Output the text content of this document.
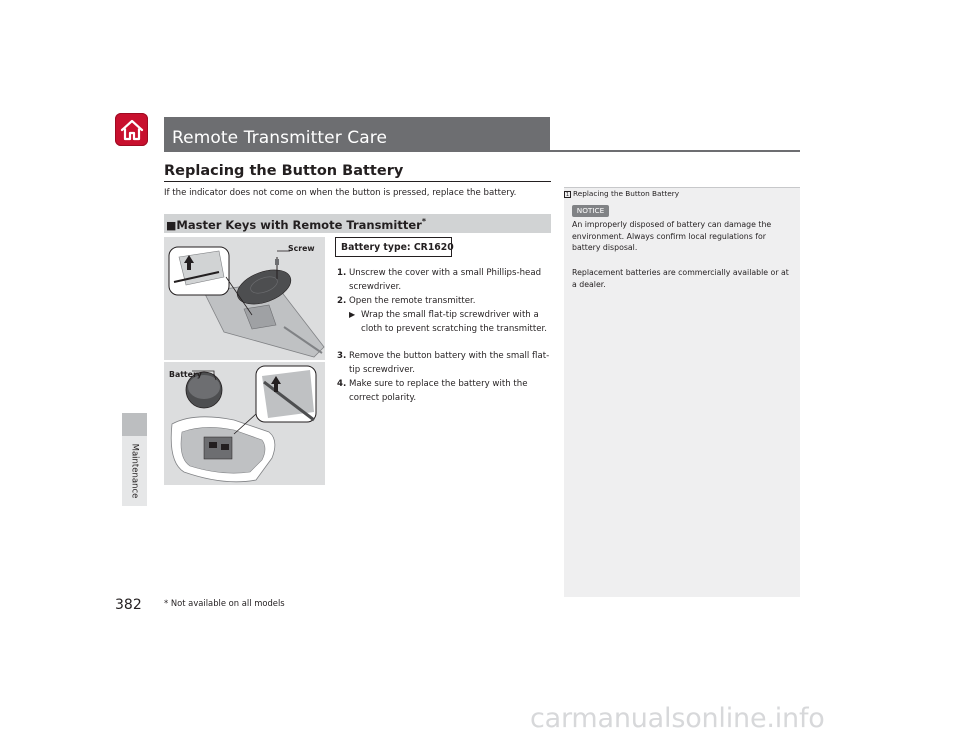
Maintenance
Remote Transmitter Care
Replacing the Button Battery
If the indicator does not come on when the button is pressed, replace the battery.
■Master Keys with Remote Transmitter*
Screw
Battery
Battery type: CR1620
1. Unscrew the cover with a small Phillips-head screwdriver.
2. Open the remote transmitter.
▶ Wrap the small flat-tip screwdriver with a cloth to prevent scratching the transmitter.
3. Remove the button battery with the small flat-tip screwdriver.
4. Make sure to replace the battery with the correct polarity.
1 Replacing the Button Battery
NOTICE
An improperly disposed of battery can damage the environment. Always confirm local regulations for battery disposal.
Replacement batteries are commercially available or at a dealer.
382	* Not available on all models
carmanualsonline.info
